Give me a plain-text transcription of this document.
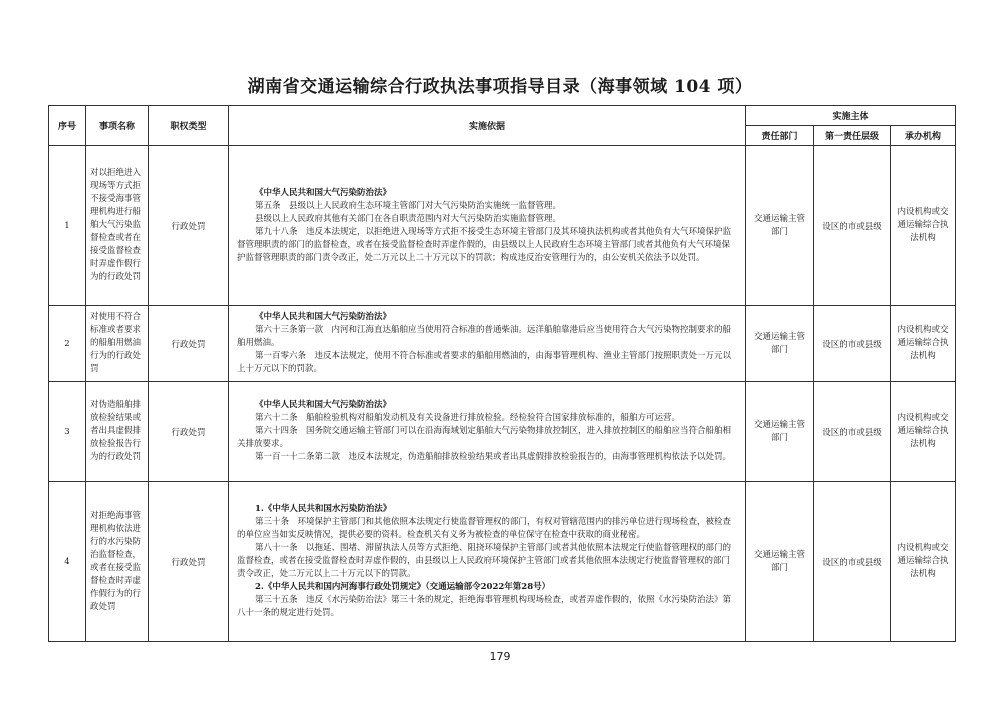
湖南省交通运输综合行政执法事项指导目录（海事领域 104 项）
序号	事项名称	职权类型	实施依据	实施主体		
				责任部门	第一责任层级	承办机构
1	对以拒绝进入现场等方式拒不接受海事管理机构进行船舶大气污染监督检查或者在接受监督检查时弄虚作假行为的行政处罚	行政处罚	《中华人民共和国大气污染防治法》
第五条　县级以上人民政府生态环境主管部门对大气污染防治实施统一监督管理。
县级以上人民政府其他有关部门在各自职责范围内对大气污染防治实施监督管理。
第九十八条　违反本法规定，以拒绝进入现场等方式拒不接受生态环境主管部门及其环境执法机构或者其他负有大气环境保护监督管理职责的部门的监督检查，或者在接受监督检查时弄虚作假的，由县级以上人民政府生态环境主管部门或者其他负有大气环境保护监督管理职责的部门责令改正，处二万元以上二十万元以下的罚款；构成违反治安管理行为的，由公安机关依法予以处罚。	交通运输主管部门	设区的市或县级	内设机构或交通运输综合执法机构
2	对使用不符合标准或者要求的船舶用燃油行为的行政处罚	行政处罚	《中华人民共和国大气污染防治法》
第六十三条第一款　内河和江海直达船舶应当使用符合标准的普通柴油。远洋船舶靠港后应当使用符合大气污染物控制要求的船舶用燃油。
第一百零六条　违反本法规定，使用不符合标准或者要求的船舶用燃油的，由海事管理机构、渔业主管部门按照职责处一万元以上十万元以下的罚款。	交通运输主管部门	设区的市或县级	内设机构或交通运输综合执法机构
3	对伪造船舶排放检验结果或者出具虚假排放检验报告行为的行政处罚	行政处罚	《中华人民共和国大气污染防治法》
第六十二条　船舶检验机构对船舶发动机及有关设备进行排放检验。经检验符合国家排放标准的，船舶方可运营。
第六十四条　国务院交通运输主管部门可以在沿海海域划定船舶大气污染物排放控制区，进入排放控制区的船舶应当符合船舶相关排放要求。
第一百一十二条第二款　违反本法规定，伪造船舶排放检验结果或者出具虚假排放检验报告的，由海事管理机构依法予以处罚。	交通运输主管部门	设区的市或县级	内设机构或交通运输综合执法机构
4	对拒绝海事管理机构依法进行的水污染防治监督检查，或者在接受监督检查时弄虚作假行为的行政处罚	行政处罚	1.《中华人民共和国水污染防治法》
第三十条　环境保护主管部门和其他依照本法规定行使监督管理权的部门，有权对管辖范围内的排污单位进行现场检查，被检查的单位应当如实反映情况，提供必要的资料。检查机关有义务为被检查的单位保守在检查中获取的商业秘密。
第八十一条　以拖延、围堵、滞留执法人员等方式拒绝、阻挠环境保护主管部门或者其他依照本法规定行使监督管理权的部门的监督检查，或者在接受监督检查时弄虚作假的，由县级以上人民政府环境保护主管部门或者其他依照本法规定行使监督管理权的部门责令改正，处二万元以上二十万元以下的罚款。
2.《中华人民共和国内河海事行政处罚规定》（交通运输部令2022年第28号）
第三十五条　违反《水污染防治法》第三十条的规定，拒绝海事管理机构现场检查，或者弄虚作假的，依照《水污染防治法》第八十一条的规定进行处罚。	交通运输主管部门	设区的市或县级	内设机构或交通运输综合执法机构
179
